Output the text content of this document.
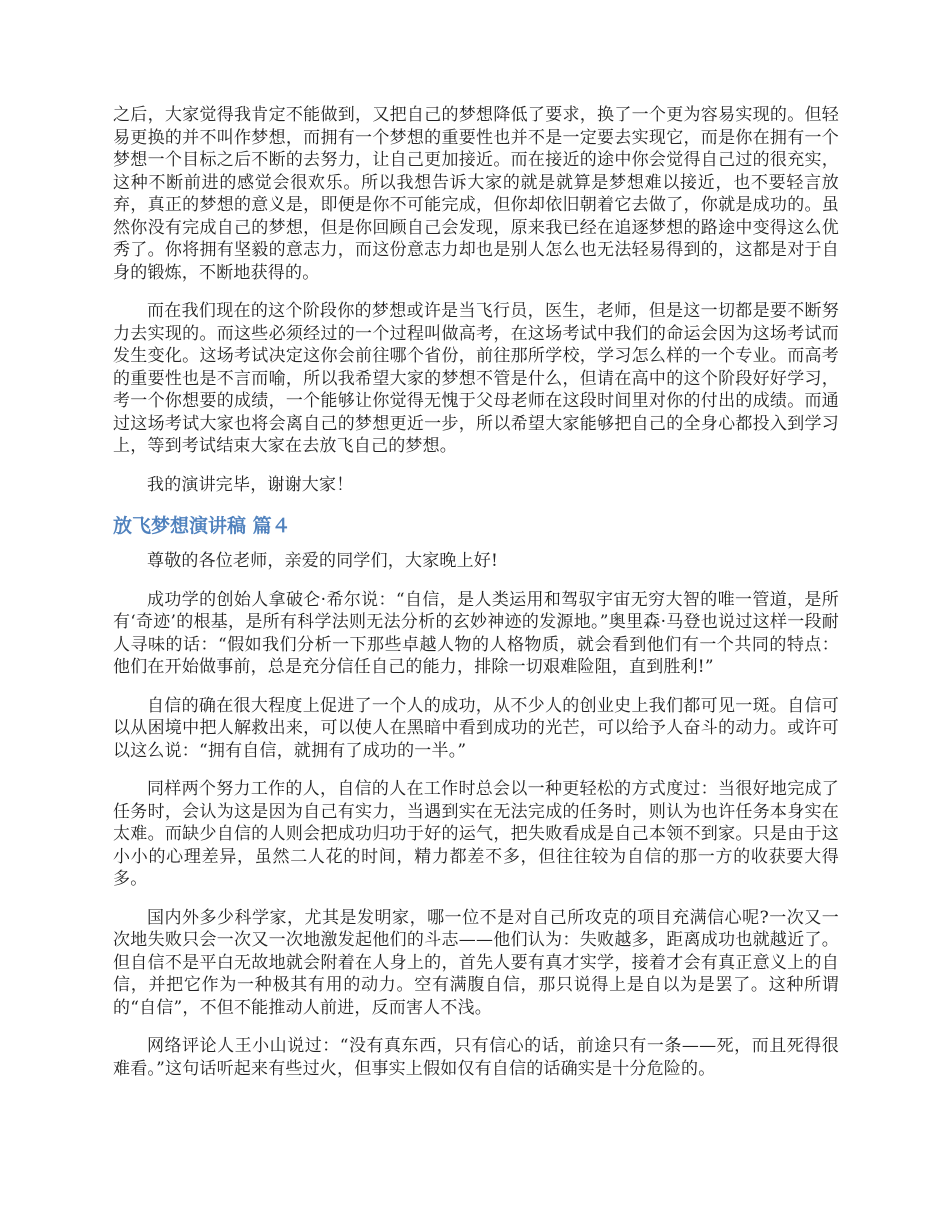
之后，大家觉得我肯定不能做到，又把自己的梦想降低了要求，换了一个更为容易实现的。但轻易更换的并不叫作梦想，而拥有一个梦想的重要性也并不是一定要去实现它，而是你在拥有一个梦想一个目标之后不断的去努力，让自己更加接近。而在接近的途中你会觉得自己过的很充实，这种不断前进的感觉会很欢乐。所以我想告诉大家的就是就算是梦想难以接近，也不要轻言放弃，真正的梦想的意义是，即便是你不可能完成，但你却依旧朝着它去做了，你就是成功的。虽然你没有完成自己的梦想，但是你回顾自己会发现，原来我已经在追逐梦想的路途中变得这么优秀了。你将拥有坚毅的意志力，而这份意志力却也是别人怎么也无法轻易得到的，这都是对于自身的锻炼，不断地获得的。

而在我们现在的这个阶段你的梦想或许是当飞行员，医生，老师，但是这一切都是要不断努力去实现的。而这些必须经过的一个过程叫做高考，在这场考试中我们的命运会因为这场考试而发生变化。这场考试决定这你会前往哪个省份，前往那所学校，学习怎么样的一个专业。而高考的重要性也是不言而喻，所以我希望大家的梦想不管是什么，但请在高中的这个阶段好好学习，考一个你想要的成绩，一个能够让你觉得无愧于父母老师在这段时间里对你的付出的成绩。而通过这场考试大家也将会离自己的梦想更近一步，所以希望大家能够把自己的全身心都投入到学习上，等到考试结束大家在去放飞自己的梦想。

我的演讲完毕，谢谢大家！

放飞梦想演讲稿 篇４

尊敬的各位老师，亲爱的同学们，大家晚上好!

成功学的创始人拿破仑·希尔说：“自信，是人类运用和驾驭宇宙无穷大智的唯一管道，是所有‘奇迹’的根基，是所有科学法则无法分析的玄妙神迹的发源地。”奥里森·马登也说过这样一段耐人寻味的话：“假如我们分析一下那些卓越人物的人格物质，就会看到他们有一个共同的特点：他们在开始做事前，总是充分信任自己的能力，排除一切艰难险阻，直到胜利!”

自信的确在很大程度上促进了一个人的成功，从不少人的创业史上我们都可见一斑。自信可以从困境中把人解救出来，可以使人在黑暗中看到成功的光芒，可以给予人奋斗的动力。或许可以这么说：“拥有自信，就拥有了成功的一半。”

同样两个努力工作的人，自信的人在工作时总会以一种更轻松的方式度过：当很好地完成了任务时，会认为这是因为自己有实力，当遇到实在无法完成的任务时，则认为也许任务本身实在太难。而缺少自信的人则会把成功归功于好的运气，把失败看成是自己本领不到家。只是由于这小小的心理差异，虽然二人花的时间，精力都差不多，但往往较为自信的那一方的收获要大得多。

国内外多少科学家，尤其是发明家，哪一位不是对自己所攻克的项目充满信心呢?一次又一次地失败只会一次又一次地激发起他们的斗志——他们认为：失败越多，距离成功也就越近了。但自信不是平白无故地就会附着在人身上的，首先人要有真才实学，接着才会有真正意义上的自信，并把它作为一种极其有用的动力。空有满腹自信，那只说得上是自以为是罢了。这种所谓的“自信”，不但不能推动人前进，反而害人不浅。

网络评论人王小山说过：“没有真东西，只有信心的话，前途只有一条——死，而且死得很难看。”这句话听起来有些过火，但事实上假如仅有自信的话确实是十分危险的。
